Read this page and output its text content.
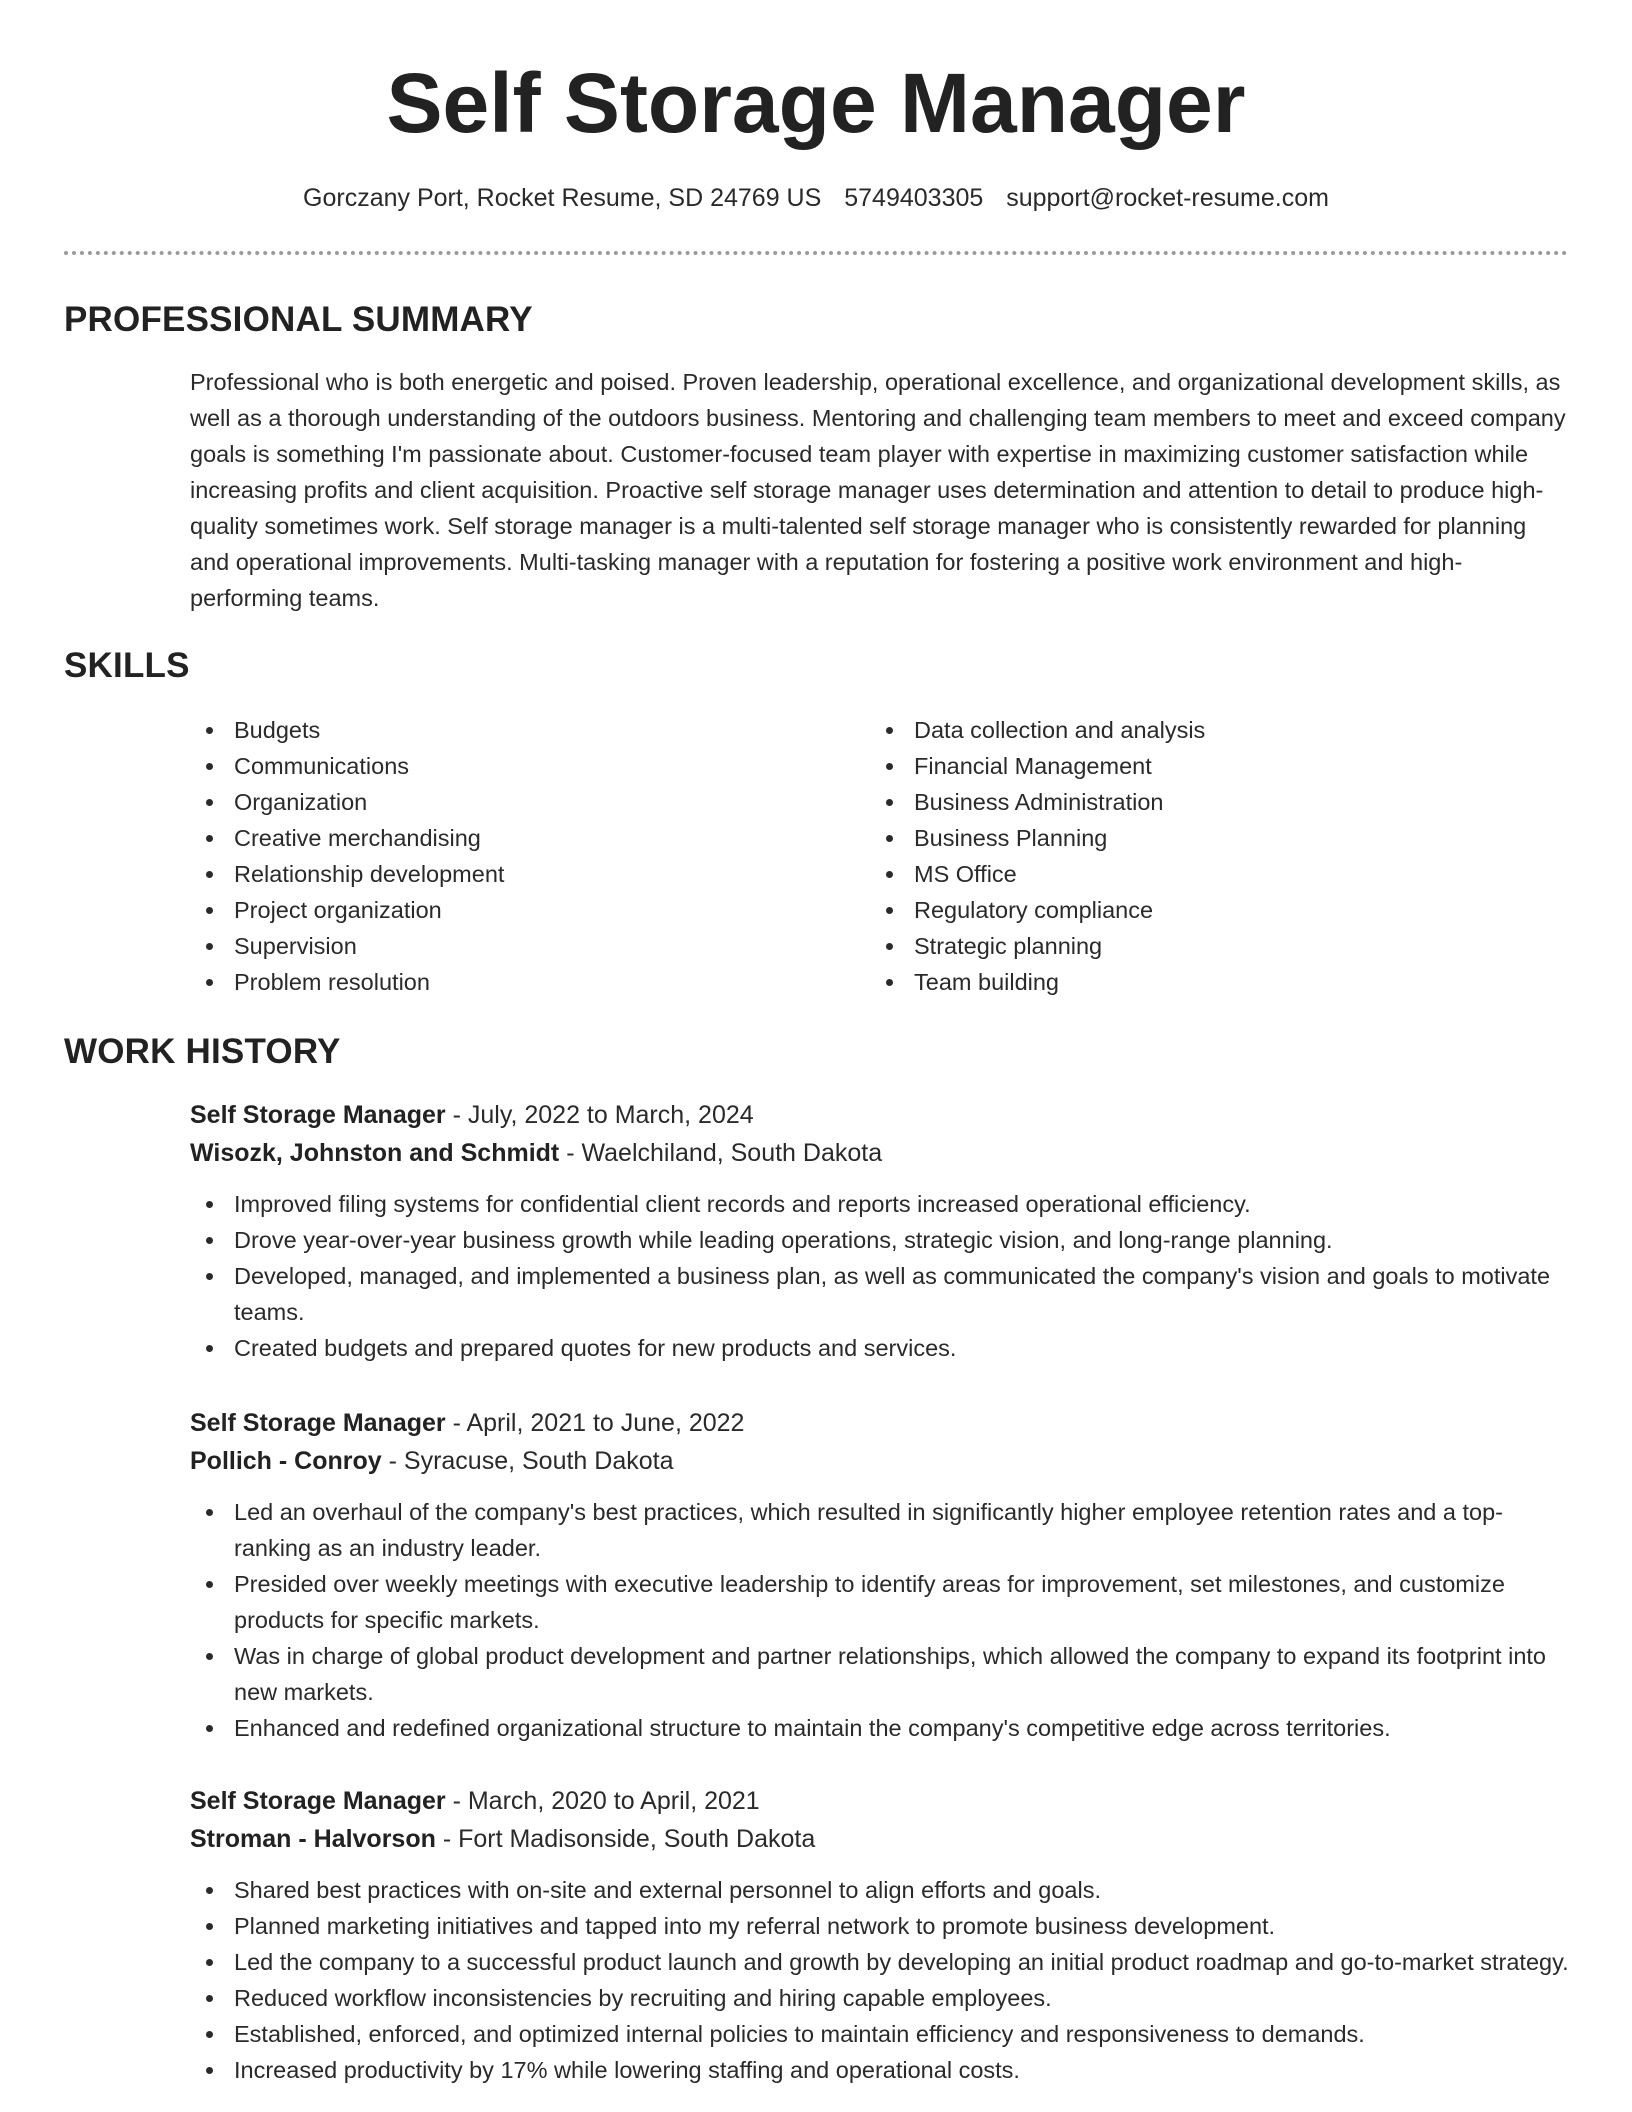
Self Storage Manager
Gorczany Port, Rocket Resume, SD 24769 US 5749403305 support@rocket-resume.com
PROFESSIONAL SUMMARY

Professional who is both energetic and poised. Proven leadership, operational excellence, and organizational development skills, as well as a thorough understanding of the outdoors business. Mentoring and challenging team members to meet and exceed company goals is something I'm passionate about. Customer-focused team player with expertise in maximizing customer satisfaction while increasing profits and client acquisition. Proactive self storage manager uses determination and attention to detail to produce high-quality sometimes work. Self storage manager is a multi-talented self storage manager who is consistently rewarded for planning and operational improvements. Multi-tasking manager with a reputation for fostering a positive work environment and high-performing teams.

SKILLS
Budgets
Communications
Organization
Creative merchandising
Relationship development
Project organization
Supervision
Problem resolution
Data collection and analysis
Financial Management
Business Administration
Business Planning
MS Office
Regulatory compliance
Strategic planning
Team building
WORK HISTORY
Self Storage Manager - July, 2022 to March, 2024
Wisozk, Johnston and Schmidt - Waelchiland, South Dakota
Improved filing systems for confidential client records and reports increased operational efficiency.
Drove year-over-year business growth while leading operations, strategic vision, and long-range planning.
Developed, managed, and implemented a business plan, as well as communicated the company's vision and goals to motivate teams.
Created budgets and prepared quotes for new products and services.
Self Storage Manager - April, 2021 to June, 2022
Pollich - Conroy - Syracuse, South Dakota
Led an overhaul of the company's best practices, which resulted in significantly higher employee retention rates and a top-ranking as an industry leader.
Presided over weekly meetings with executive leadership to identify areas for improvement, set milestones, and customize products for specific markets.
Was in charge of global product development and partner relationships, which allowed the company to expand its footprint into new markets.
Enhanced and redefined organizational structure to maintain the company's competitive edge across territories.
Self Storage Manager - March, 2020 to April, 2021
Stroman - Halvorson - Fort Madisonside, South Dakota
Shared best practices with on-site and external personnel to align efforts and goals.
Planned marketing initiatives and tapped into my referral network to promote business development.
Led the company to a successful product launch and growth by developing an initial product roadmap and go-to-market strategy.
Reduced workflow inconsistencies by recruiting and hiring capable employees.
Established, enforced, and optimized internal policies to maintain efficiency and responsiveness to demands.
Increased productivity by 17% while lowering staffing and operational costs.
